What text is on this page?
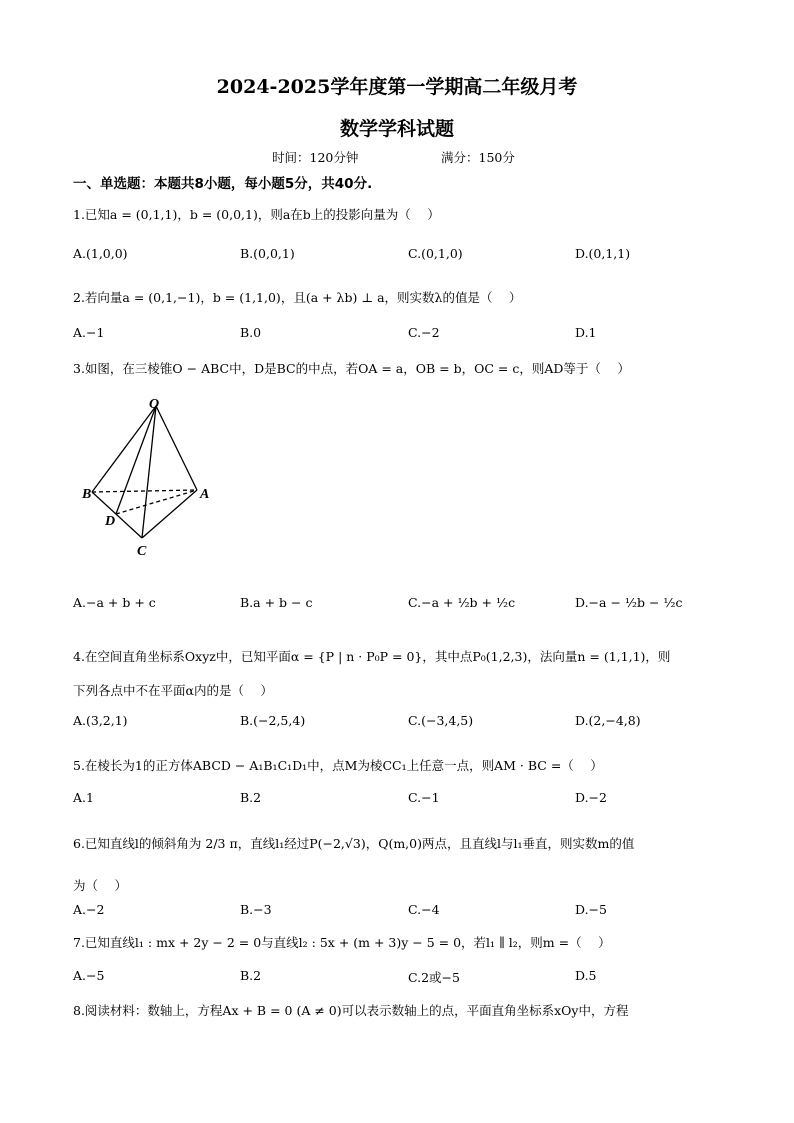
2024-2025学年度第一学期高二年级月考
数学学科试题
时间：120分钟	满分：150分
一、单选题：本题共8小题，每小题5分，共40分.
1.已知a = (0,1,1)，b = (0,0,1)，则a在b上的投影向量为（　 ）
A.(1,0,0)	B.(0,0,1)	C.(0,1,0)	D.(0,1,1)
2.若向量a = (0,1,−1)，b = (1,1,0)，且(a + λb) ⊥ a，则实数λ的值是（　 ）
A.−1	B.0	C.−2	D.1
3.如图，在三棱锥O − ABC中，D是BC的中点，若OA = a，OB = b，OC = c，则AD等于（　 ）
O
B	A
D
C
A.−a + b + c	B.a + b − c	C.−a + ½b + ½c	D.−a − ½b − ½c
4.在空间直角坐标系Oxyz中，已知平面α = {P | n · P₀P = 0}，其中点P₀(1,2,3)，法向量n = (1,1,1)，则
下列各点中不在平面α内的是（　 ）
A.(3,2,1)	B.(−2,5,4)	C.(−3,4,5)	D.(2,−4,8)
5.在棱长为1的正方体ABCD − A₁B₁C₁D₁中，点M为棱CC₁上任意一点，则AM · BC =（　 ）
A.1	B.2	C.−1	D.−2
6.已知直线l的倾斜角为 2/3 π，直线l₁经过P(−2,√3)，Q(m,0)两点，且直线l与l₁垂直，则实数m的值
为（　 ）
A.−2	B.−3	C.−4	D.−5
7.已知直线l₁ : mx + 2y − 2 = 0与直线l₂ : 5x + (m + 3)y − 5 = 0，若l₁ ∥ l₂，则m =（　 ）
A.−5	B.2	C.2或−5	D.5
8.阅读材料：数轴上，方程Ax + B = 0 (A ≠ 0)可以表示数轴上的点，平面直角坐标系xOy中，方程
